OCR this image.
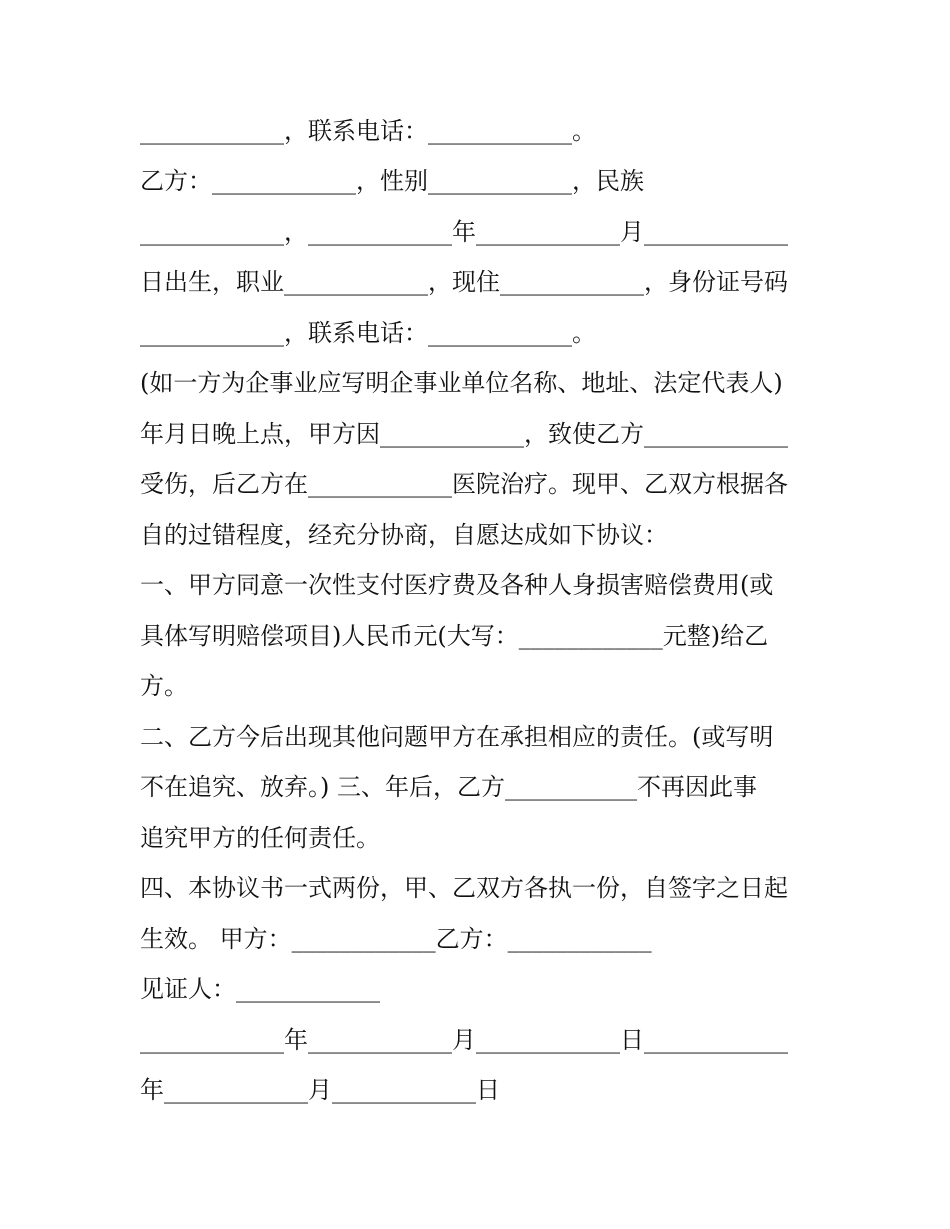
____________，联系电话：____________。
乙方：____________，性别____________，民族
____________，____________年____________月____________
日出生，职业____________，现住____________，身份证号码
____________，联系电话：____________。
(如一方为企事业应写明企事业单位名称、地址、法定代表人)
年月日晚上点，甲方因____________，致使乙方____________
受伤，后乙方在____________医院治疗。现甲、乙双方根据各
自的过错程度，经充分协商，自愿达成如下协议：
一、甲方同意一次性支付医疗费及各种人身损害赔偿费用(或
具体写明赔偿项目)人民币元(大写：____________元整)给乙
方。
二、乙方今后出现其他问题甲方在承担相应的责任。(或写明
不在追究、放弃。) 三、年后，乙方___________不再因此事
追究甲方的任何责任。
四、本协议书一式两份，甲、乙双方各执一份，自签字之日起
生效。 甲方：____________乙方：____________
见证人：____________
____________年____________月____________日____________
年____________月____________日
